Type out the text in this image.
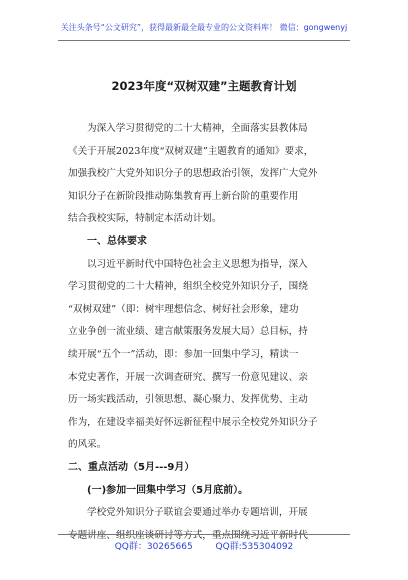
关注头条号“公文研究”，获得最新最全最专业的公文资料库！ 微信：gongwenyj
2023年度“双树双建”主题教育计划
为深入学习贯彻党的二十大精神，全面落实县教体局
《关于开展2023年度“双树双建”主题教育的通知》要求，
加强我校广大党外知识分子的思想政治引领，发挥广大党外
知识分子在新阶段推动陈集教育再上新台阶的重要作用
结合我校实际，特制定本活动计划。
一、总体要求
以习近平新时代中国特色社会主义思想为指导，深入
学习贯彻党的二十大精神，组织全校党外知识分子，围绕
“双树双建”（即：树牢理想信念、树好社会形象，建功
立业争创一流业绩、建言献策服务发展大局）总目标，持
续开展“五个一”活动，即：参加一回集中学习，精读一
本党史著作，开展一次调查研究、撰写一份意见建议、亲
历一场实践活动，引领思想、凝心聚力、发挥优势、主动
作为，在建设幸福美好怀远新征程中展示全校党外知识分子
的风采。
二、重点活动（5月---9月）
(一)参加一回集中学习（5月底前）。
学校党外知识分子联谊会要通过举办专题培训，开展
专题讲座、组织座谈研讨等方式，重点围绕习近平新时代
QQ群：30265665	QQ群:535304092
